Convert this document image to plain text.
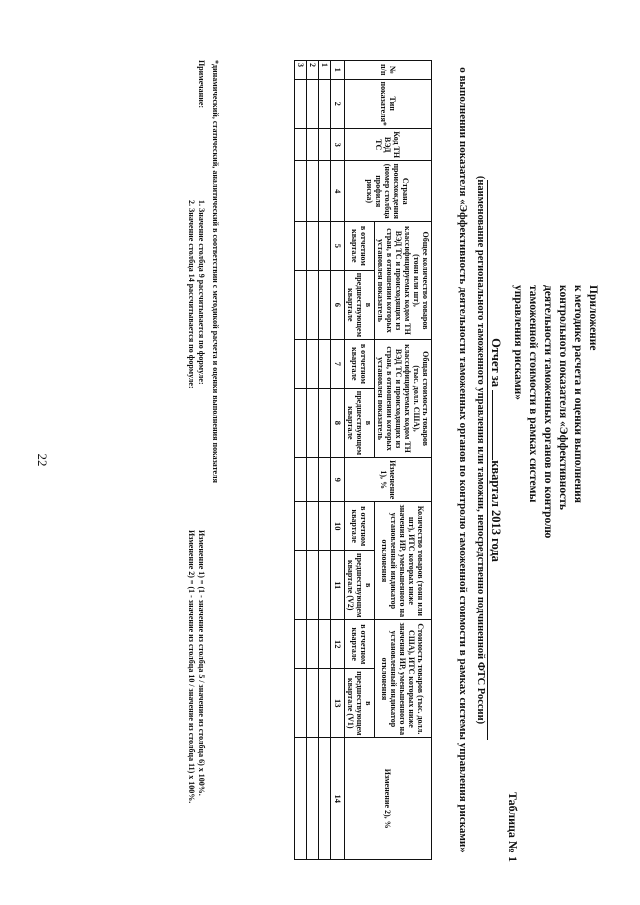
22
Приложение
к методике расчета и оценки выполнения
контрольного показателя «Эффективность
деятельности таможенных органов по контролю
таможенной стоимости в рамках системы
управления рисками»
Таблица № 1
Отчет за квартал 2013 года
(наименование регионального таможенного управления или таможни, непосредственно подчиненной ФТС России)
о выполнении показателя «Эффективность деятельности таможенных органов по контролю таможенной стоимости в рамках системы управления рисками»
№ п/п	Тип показателя*	Код ТН ВЭД ТС	Страна происхождения (номер столбца профиля риска)	Общее количество товаров (тонн или шт), классифицируемых кодом ТН ВЭД ТС и происходящих из стран, в отношении которых установлен показатель		Общая стоимость товаров (тыс. долл. США), классифицируемых кодом ТН ВЭД ТС и происходящих из стран, в отношении которых установлен показатель		Изменение 1), %	Количество товаров (тонн или шт), ИТС которых ниже значения ИР, уменьшенного на установленный индикатор отклонения		Стоимость товаров (тыс. долл. США), ИТС которых ниже значения ИР, уменьшенного на установленный индикатор отклонения		Изменение 2), %
				в отчетном квартале	в предшествующем квартале	в отчетном квартале	в предшествующем квартале		в отчетном квартале	в предшествующем квартале (V2)	в отчетном квартале	в предшествующем квартале (V1)	
1	2	3	4	5	6	7	8	9	10	11	12	13	14
1													
2													
3													
*динамический, статический, аналитический в соответствии с методикой расчета и оценки выполнения показателя
Примечание:
1. Значение столбца 9 рассчитывается по формуле:
2. Значение столбца 14 рассчитывается по формуле:
Изменение 1) = (1 - значение из столбца 5 / значение из столбца 6) x 100%.
Изменение 2) = (1 - значение из столбца 10 / значение из столбца 11) x 100%.
